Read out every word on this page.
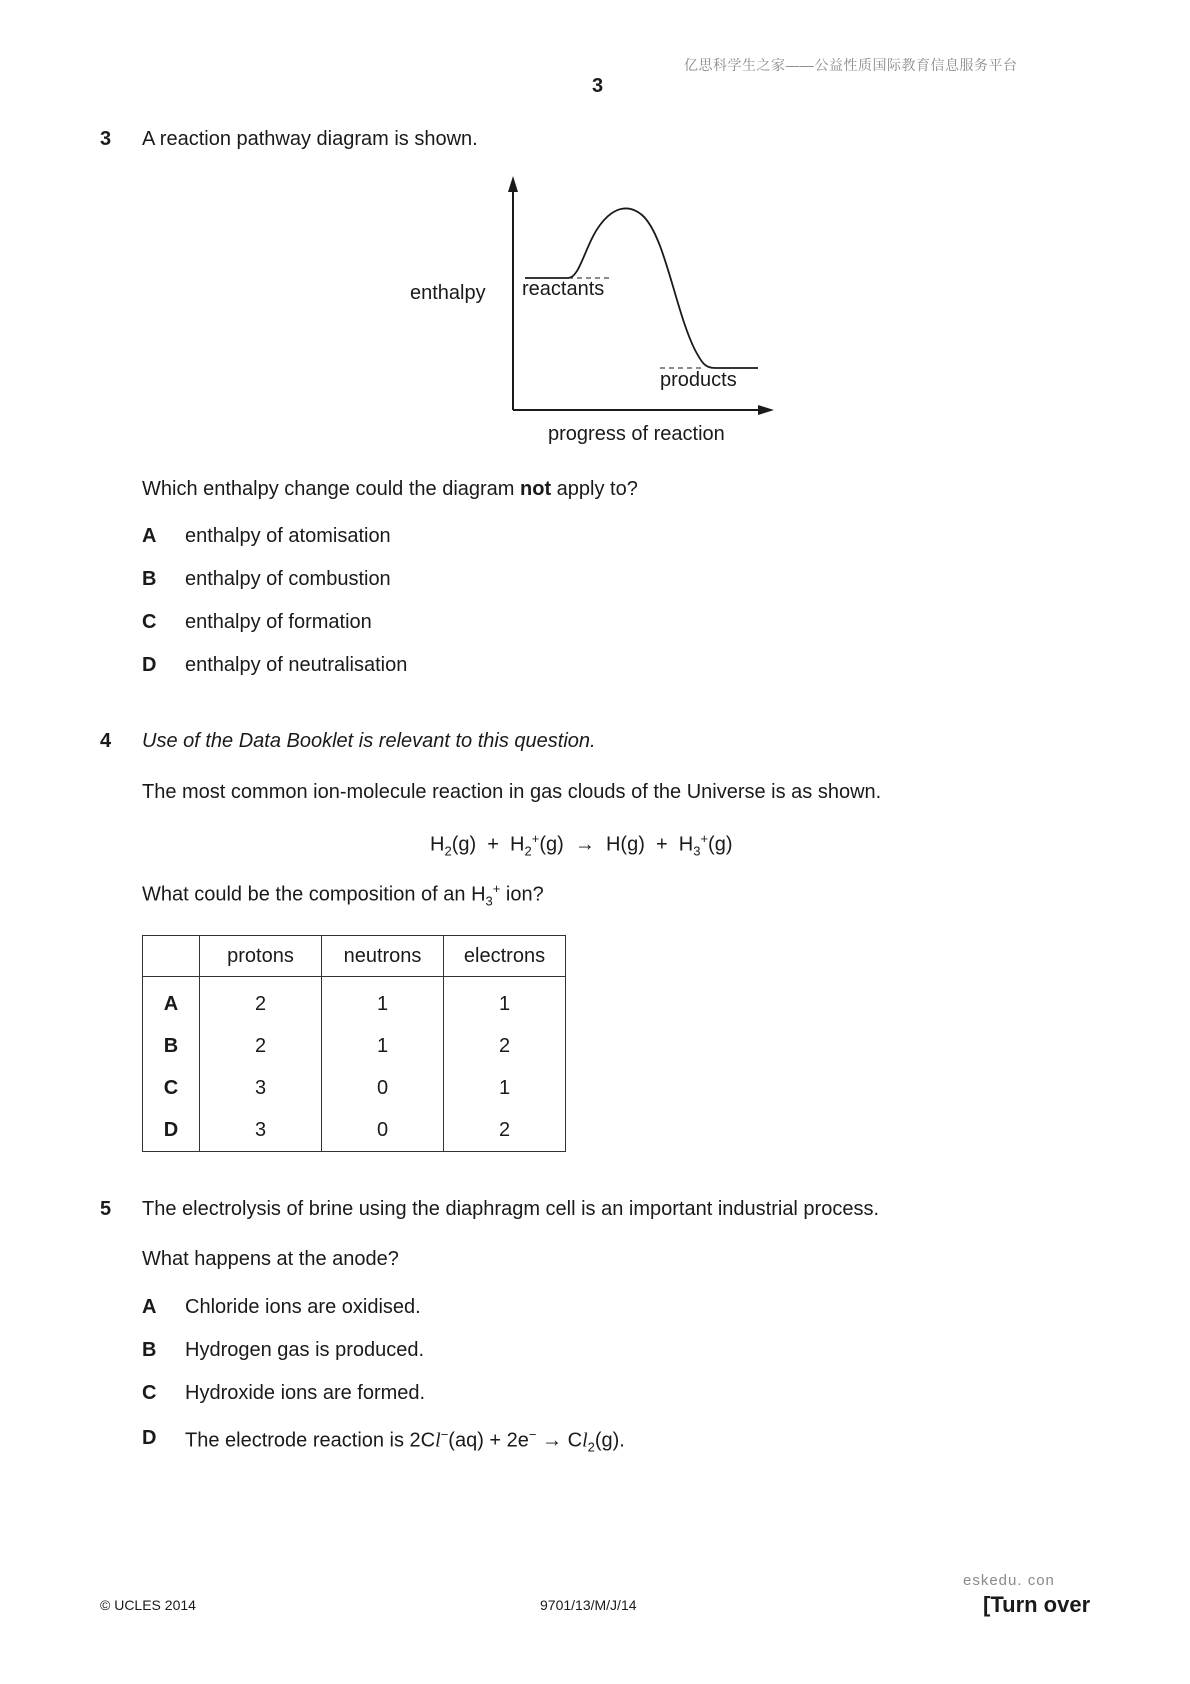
亿思科学生之家——公益性质国际教育信息服务平台
3
3 A reaction pathway diagram is shown.
enthalpy reactants
products
progress of reaction
Which enthalpy change could the diagram not apply to?
A enthalpy of atomisation
B enthalpy of combustion
C enthalpy of formation
D enthalpy of neutralisation
4 Use of the Data Booklet is relevant to this question.
The most common ion-molecule reaction in gas clouds of the Universe is as shown.
$H_2(g) + H_2^+(g) \to H(g) + H_3^+(g)$
What could be the composition of an $H_3^+$ ion?
	protons	neutrons	electrons
A	2	1	1
B	2	1	2
C	3	0	1
D	3	0	2
5 The electrolysis of brine using the diaphragm cell is an important industrial process.
What happens at the anode?
A Chloride ions are oxidised.
B Hydrogen gas is produced.
C Hydroxide ions are formed.
D The electrode reaction is $2Cl^-(aq) + 2e^- \to Cl_2(g)$.
eskedu. con
© UCLES 2014	9701/13/M/J/14	[Turn over
